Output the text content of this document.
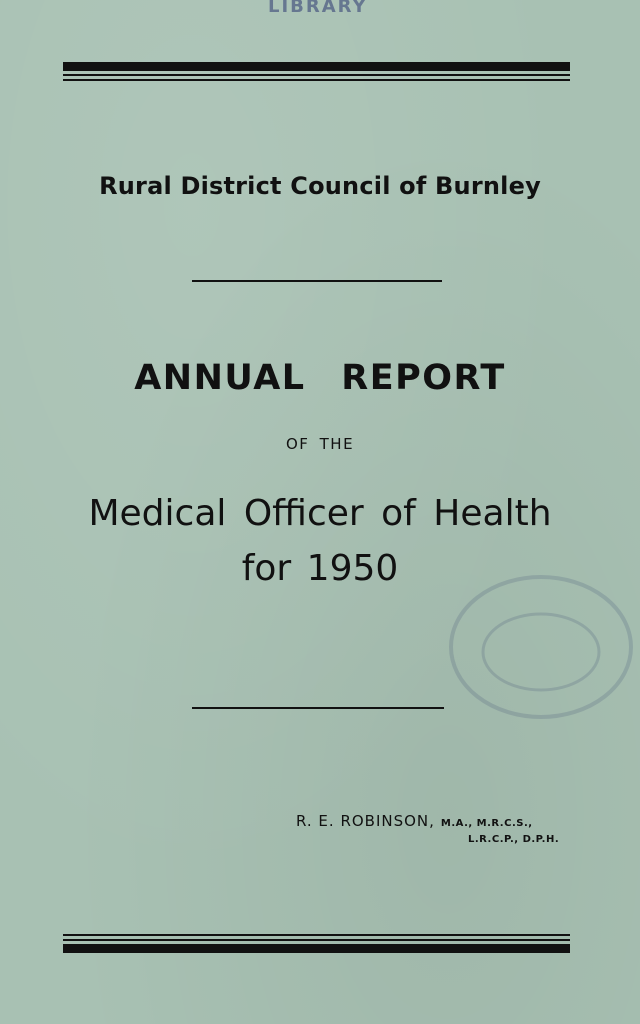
LIBRARY
Rural District Council of Burnley
ANNUAL REPORT
OF THE
Medical Officer of Health
for 1950
R. E. ROBINSON, M.A., M.R.C.S.,
L.R.C.P., D.P.H.
